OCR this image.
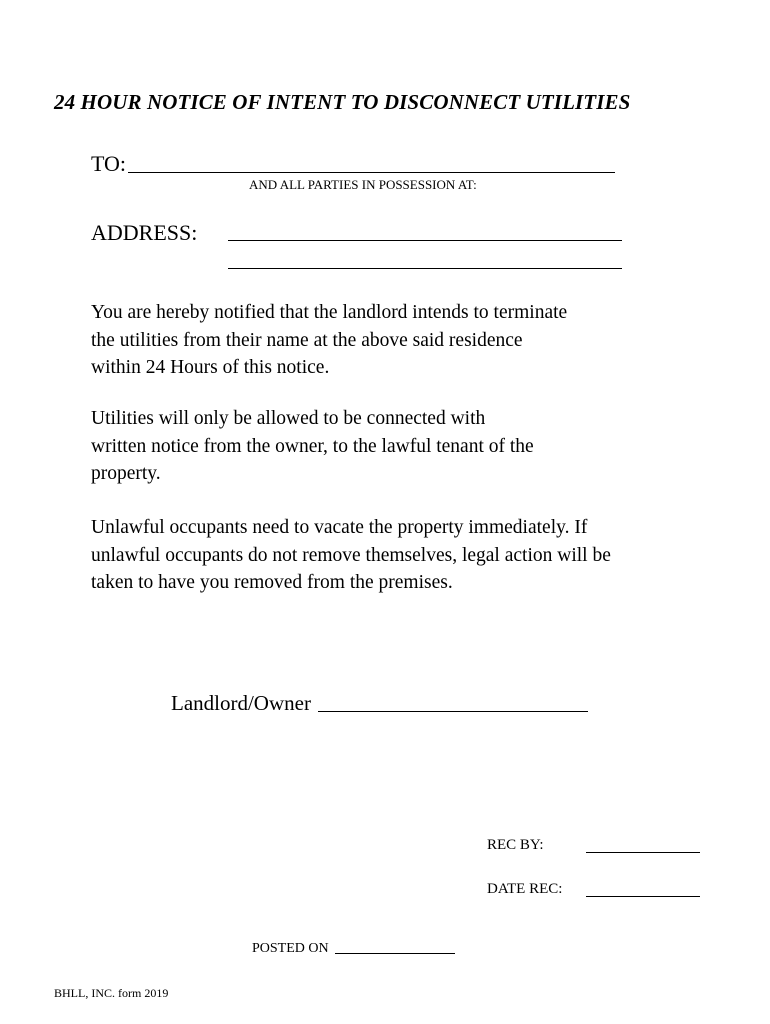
24 HOUR NOTICE OF INTENT TO DISCONNECT UTILITIES
TO:
AND ALL PARTIES IN POSSESSION AT:
ADDRESS:
You are hereby notified that the landlord intends to terminate
the utilities from their name at the above said residence
within 24 Hours of this notice.
Utilities will only be allowed to be connected with
written notice from the owner, to the lawful tenant of the
property.
Unlawful occupants need to vacate the property immediately. If
unlawful occupants do not remove themselves, legal action will be
taken to have you removed from the premises.
Landlord/Owner
REC BY:
DATE REC:
POSTED ON
BHLL, INC. form 2019
